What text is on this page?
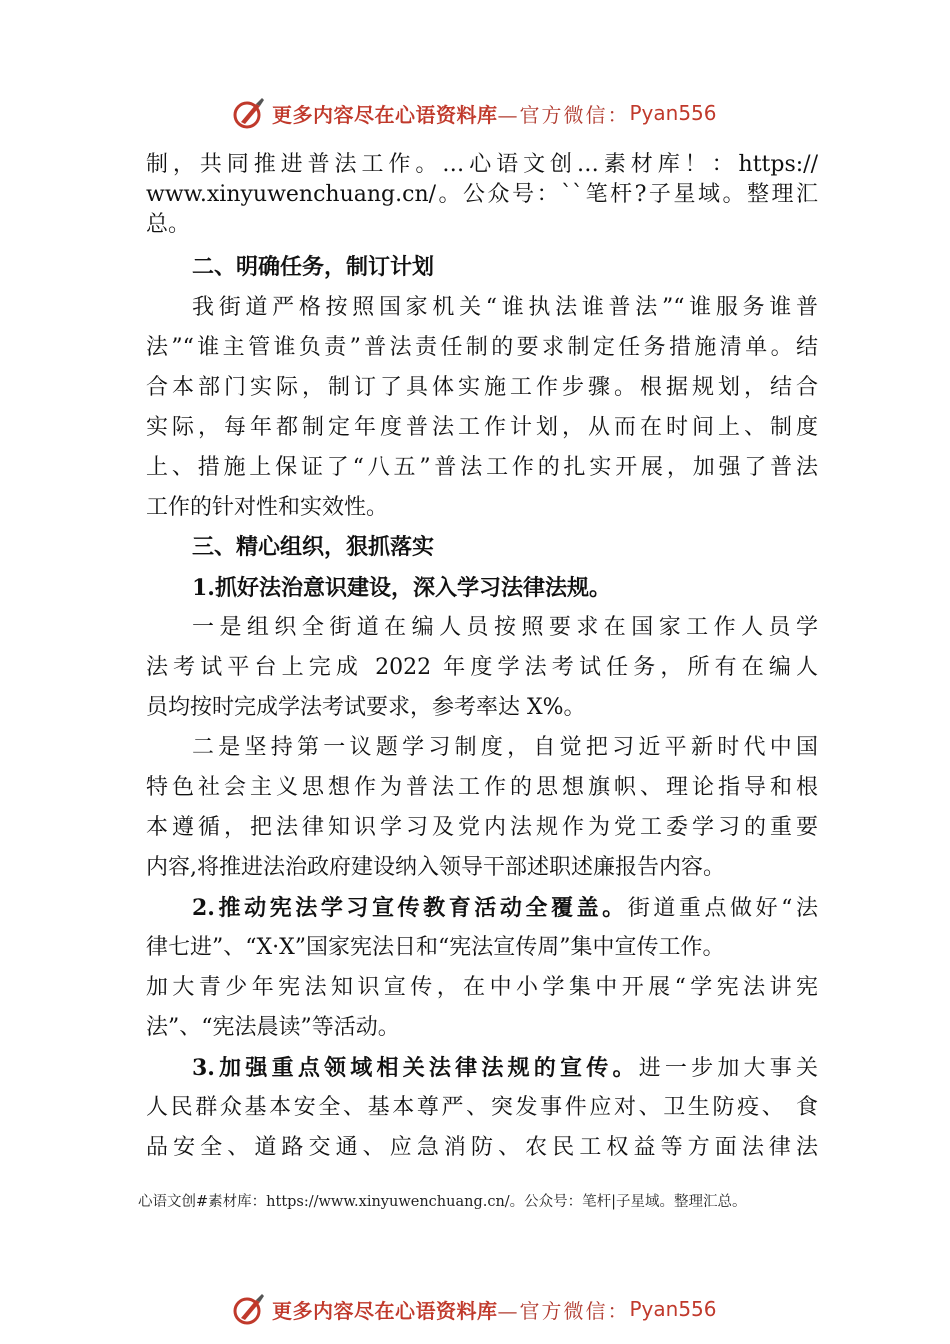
更多内容尽在心语资料库 —官方微信： Pyan556
制，共同推进普法工作。…心语文创…素材库！：https://
www.xinyuwenchuang.cn/。公众号：``笔杆?子星域。整理汇
总。
二、明确任务，制订计划
我街道严格按照国家机关“谁执法谁普法”“谁服务谁普
法”“谁主管谁负责”普法责任制的要求制定任务措施清单。结
合本部门实际，制订了具体实施工作步骤。根据规划，结合
实际，每年都制定年度普法工作计划，从而在时间上、制度
上、措施上保证了“八五”普法工作的扎实开展，加强了普法
工作的针对性和实效性。
三、精心组织，狠抓落实
1.抓好法治意识建设，深入学习法律法规。
一是组织全街道在编人员按照要求在国家工作人员学
法考试平台上完成 2022 年度学法考试任务，所有在编人
员均按时完成学法考试要求，参考率达 X%。
二是坚持第一议题学习制度，自觉把习近平新时代中国
特色社会主义思想作为普法工作的思想旗帜、理论指导和根
本遵循，把法律知识学习及党内法规作为党工委学习的重要
内容,将推进法治政府建设纳入领导干部述职述廉报告内容。
2.推动宪法学习宣传教育活动全覆盖。街道重点做好“法
律七进”、“X·X”国家宪法日和“宪法宣传周”集中宣传工作。
加大青少年宪法知识宣传，在中小学集中开展“学宪法讲宪
法”、“宪法晨读”等活动。
3.加强重点领域相关法律法规的宣传。进一步加大事关
人民群众基本安全、基本尊严、突发事件应对、卫生防疫、 食
品安全、道路交通、应急消防、农民工权益等方面法律法
心语文创#素材库：https://www.xinyuwenchuang.cn/。公众号：笔杆|子星域。整理汇总。
更多内容尽在心语资料库 —官方微信： Pyan556
